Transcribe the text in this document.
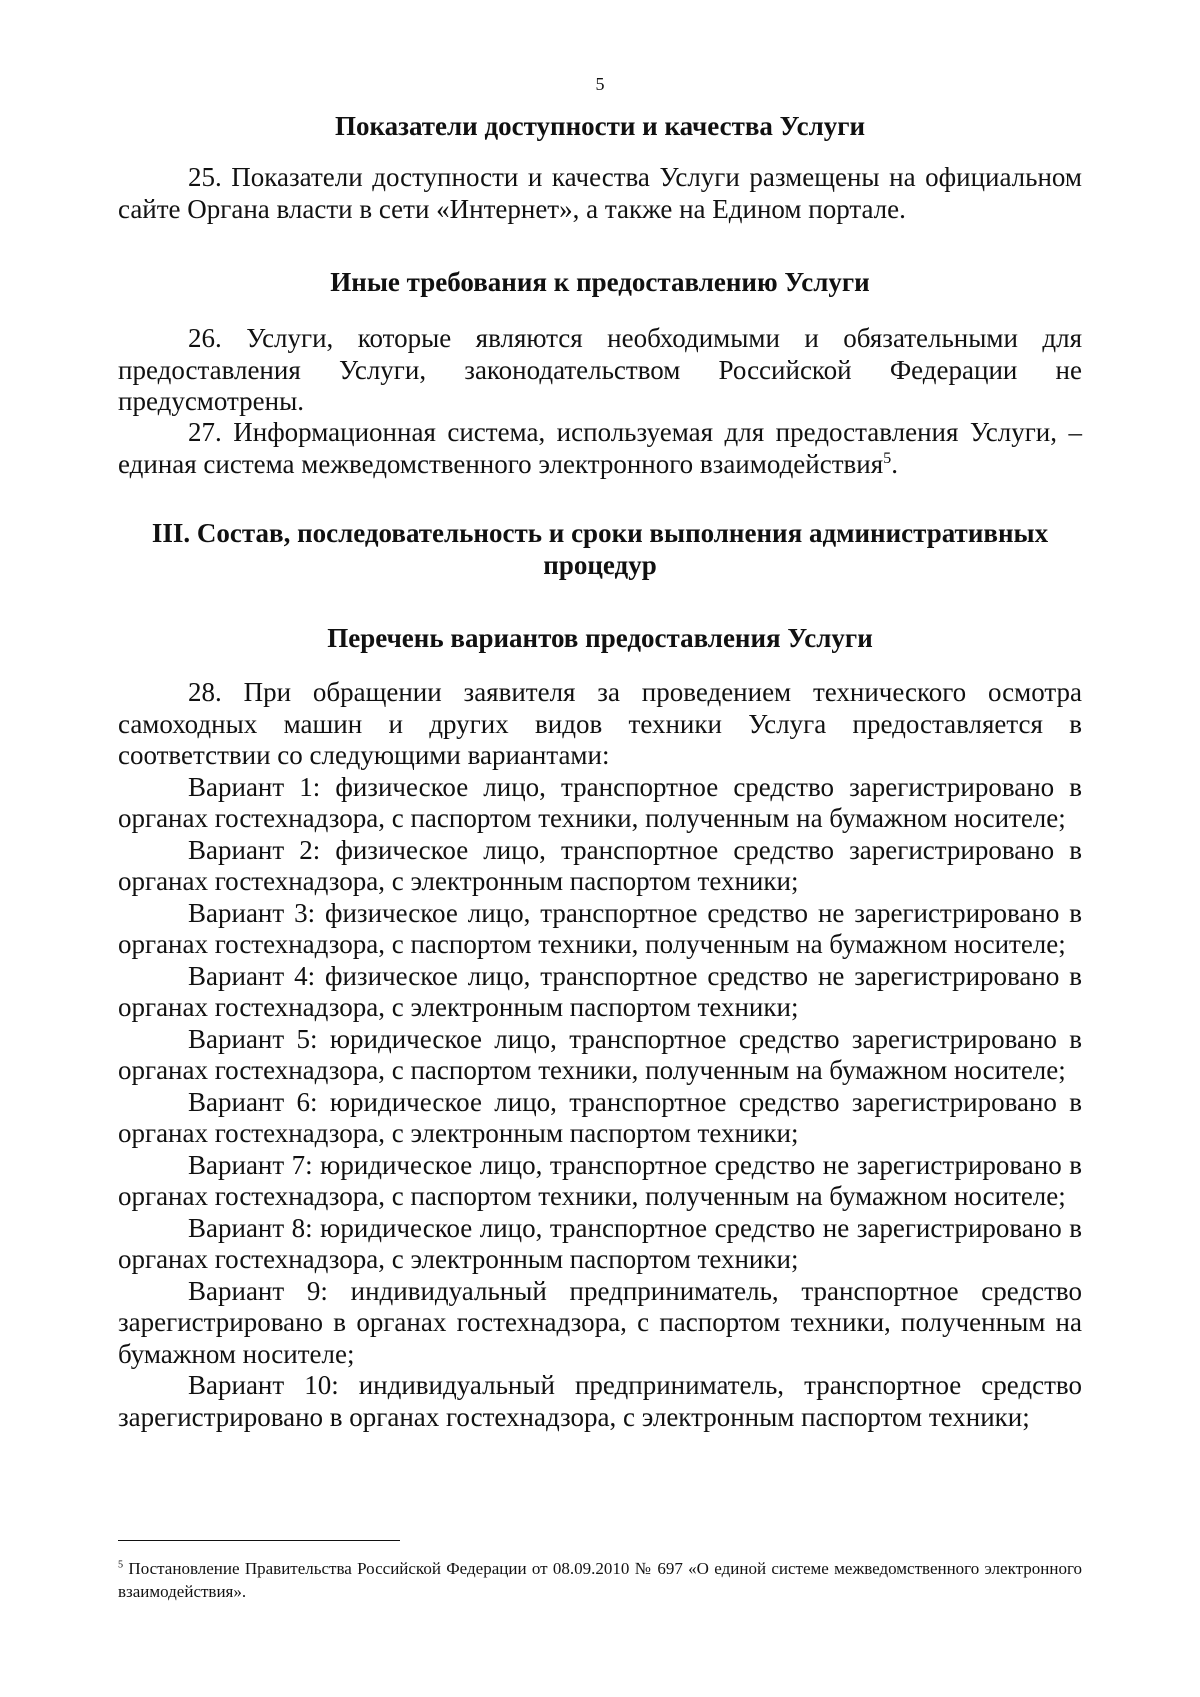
5
Показатели доступности и качества Услуги
25. Показатели доступности и качества Услуги размещены на официальном сайте Органа власти в сети «Интернет», а также на Едином портале.
Иные требования к предоставлению Услуги
26. Услуги, которые являются необходимыми и обязательными для предоставления Услуги, законодательством Российской Федерации не предусмотрены.
27. Информационная система, используемая для предоставления Услуги, – единая система межведомственного электронного взаимодействия$^5$.
III. Состав, последовательность и сроки выполнения административных
процедур
Перечень вариантов предоставления Услуги
28. При обращении заявителя за проведением технического осмотра самоходных машин и других видов техники Услуга предоставляется в соответствии со следующими вариантами:
Вариант 1: физическое лицо, транспортное средство зарегистрировано в органах гостехнадзора, с паспортом техники, полученным на бумажном носителе;
Вариант 2: физическое лицо, транспортное средство зарегистрировано в органах гостехнадзора, с электронным паспортом техники;
Вариант 3: физическое лицо, транспортное средство не зарегистрировано в органах гостехнадзора, с паспортом техники, полученным на бумажном носителе;
Вариант 4: физическое лицо, транспортное средство не зарегистрировано в органах гостехнадзора, с электронным паспортом техники;
Вариант 5: юридическое лицо, транспортное средство зарегистрировано в органах гостехнадзора, с паспортом техники, полученным на бумажном носителе;
Вариант 6: юридическое лицо, транспортное средство зарегистрировано в органах гостехнадзора, с электронным паспортом техники;
Вариант 7: юридическое лицо, транспортное средство не зарегистрировано в органах гостехнадзора, с паспортом техники, полученным на бумажном носителе;
Вариант 8: юридическое лицо, транспортное средство не зарегистрировано в органах гостехнадзора, с электронным паспортом техники;
Вариант 9: индивидуальный предприниматель, транспортное средство зарегистрировано в органах гостехнадзора, с паспортом техники, полученным на бумажном носителе;
Вариант 10: индивидуальный предприниматель, транспортное средство зарегистрировано в органах гостехнадзора, с электронным паспортом техники;
$^5$ Постановление Правительства Российской Федерации от 08.09.2010 № 697 «О единой системе межведомственного электронного взаимодействия».
